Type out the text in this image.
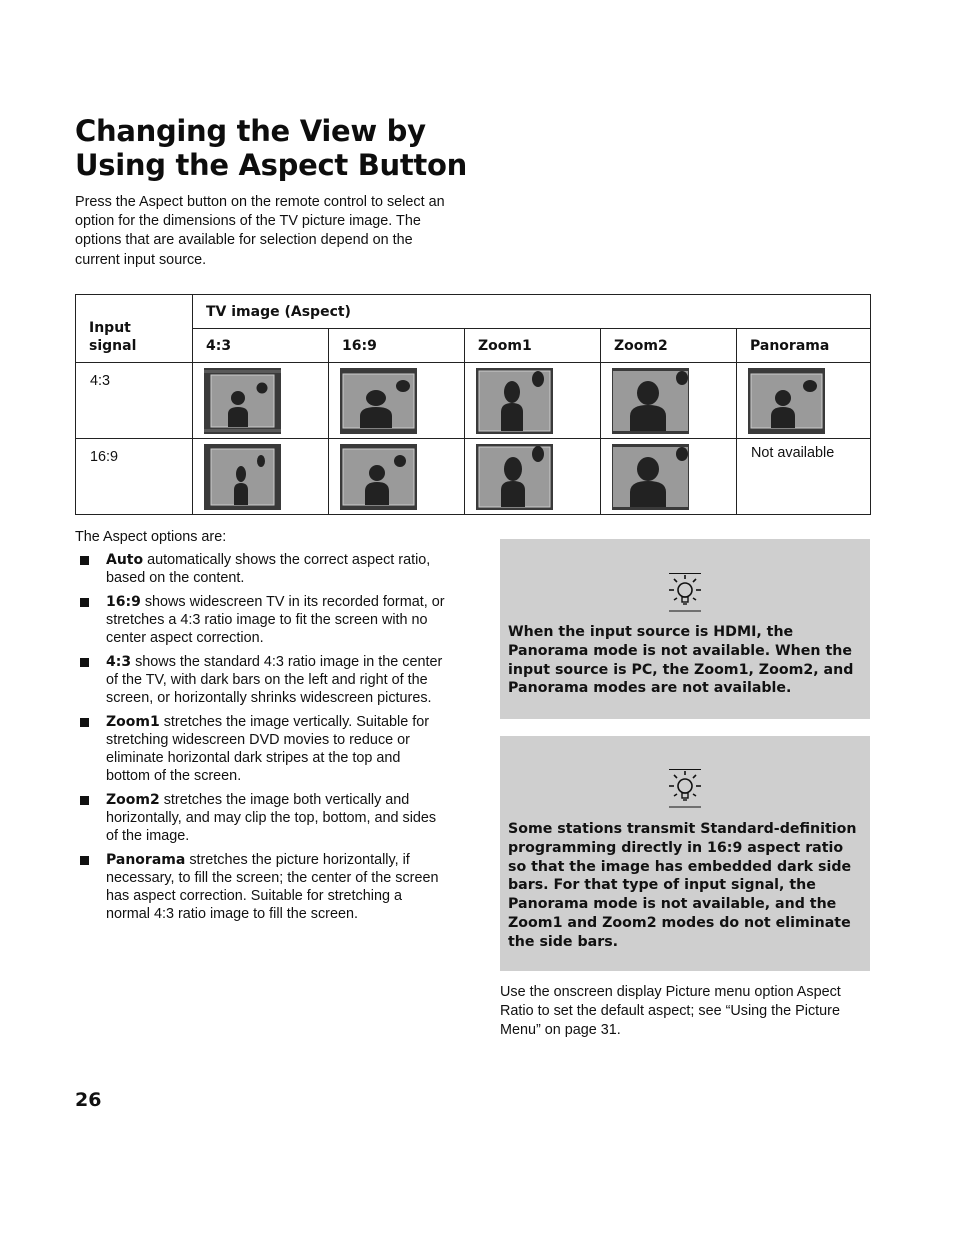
Changing the View by Using the Aspect Button

Press the Aspect button on the remote control to select an option for the dimensions of the TV picture image. The options that are available for selection depend on the current input source.

Input signal	TV image (Aspect)				
	4:3	16:9	Zoom1	Zoom2	Panorama
4:3	

16:9					Not available

The Aspect options are:

Auto automatically shows the correct aspect ratio, based on the content.
16:9 shows widescreen TV in its recorded format, or stretches a 4:3 ratio image to fit the screen with no center aspect correction.
4:3 shows the standard 4:3 ratio image in the center of the TV, with dark bars on the left and right of the screen, or horizontally shrinks widescreen pictures.
Zoom1 stretches the image vertically. Suitable for stretching widescreen DVD movies to reduce or eliminate horizontal dark stripes at the top and bottom of the screen.
Zoom2 stretches the image both vertically and horizontally, and may clip the top, bottom, and sides of the image.
Panorama stretches the picture horizontally, if necessary, to fill the screen; the center of the screen has aspect correction. Suitable for stretching a normal 4:3 ratio image to fill the screen.

When the input source is HDMI, the Panorama mode is not available. When the input source is PC, the Zoom1, Zoom2, and Panorama modes are not available.

Some stations transmit Standard-definition programming directly in 16:9 aspect ratio so that the image has embedded dark side bars. For that type of input signal, the Panorama mode is not available, and the Zoom1 and Zoom2 modes do not eliminate the side bars.

Use the onscreen display Picture menu option Aspect Ratio to set the default aspect; see “Using the Picture Menu” on page 31.

26
